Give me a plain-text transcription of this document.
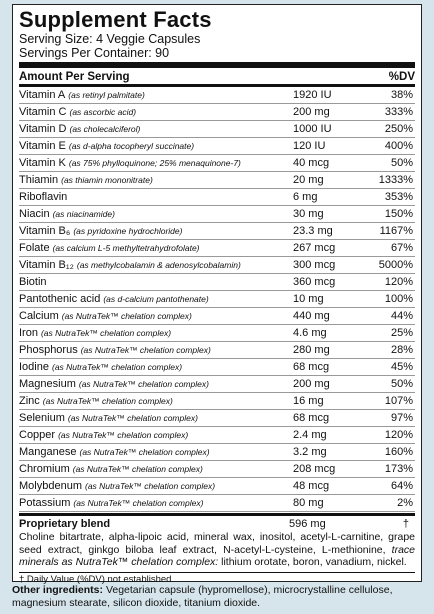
Supplement Facts
Serving Size: 4 Veggie Capsules
Servings Per Container: 90
Amount Per Serving	%DV
Vitamin A (as retinyl palmitate)	1920 IU	38%
Vitamin C (as ascorbic acid)	200 mg	333%
Vitamin D (as cholecalciferol)	1000 IU	250%
Vitamin E (as d-alpha tocopheryl succinate)	120 IU	400%
Vitamin K (as 75% phylloquinone; 25% menaquinone-7)	40 mcg	50%
Thiamin (as thiamin mononitrate)	20 mg	1333%
Riboflavin	6 mg	353%
Niacin (as niacinamide)	30 mg	150%
Vitamin B₆ (as pyridoxine hydrochloride)	23.3 mg	1167%
Folate (as calcium L-5 methyltetrahydrofolate)	267 mcg	67%
Vitamin B₁₂ (as methylcobalamin & adenosylcobalamin)	300 mcg	5000%
Biotin	360 mcg	120%
Pantothenic acid (as d-calcium pantothenate)	10 mg	100%
Calcium (as NutraTek™ chelation complex)	440 mg	44%
Iron (as NutraTek™ chelation complex)	4.6 mg	25%
Phosphorus (as NutraTek™ chelation complex)	280 mg	28%
Iodine (as NutraTek™ chelation complex)	68 mcg	45%
Magnesium (as NutraTek™ chelation complex)	200 mg	50%
Zinc (as NutraTek™ chelation complex)	16 mg	107%
Selenium (as NutraTek™ chelation complex)	68 mcg	97%
Copper (as NutraTek™ chelation complex)	2.4 mg	120%
Manganese (as NutraTek™ chelation complex)	3.2 mg	160%
Chromium (as NutraTek™ chelation complex)	208 mcg	173%
Molybdenum (as NutraTek™ chelation complex)	48 mcg	64%
Potassium (as NutraTek™ chelation complex)	80 mg	2%
Proprietary blend	596 mg	†
Choline bitartrate, alpha-lipoic acid, mineral wax, inositol, acetyl-L-carnitine, grape seed extract, ginkgo biloba leaf extract, N-acetyl-L-cysteine, L-methionine, trace minerals as NutraTek™ chelation complex: lithium orotate, boron, vanadium, nickel.
† Daily Value (%DV) not established.
Other ingredients: Vegetarian capsule (hypromellose), microcrystalline cellulose, magnesium stearate, silicon dioxide, titanium dioxide.
